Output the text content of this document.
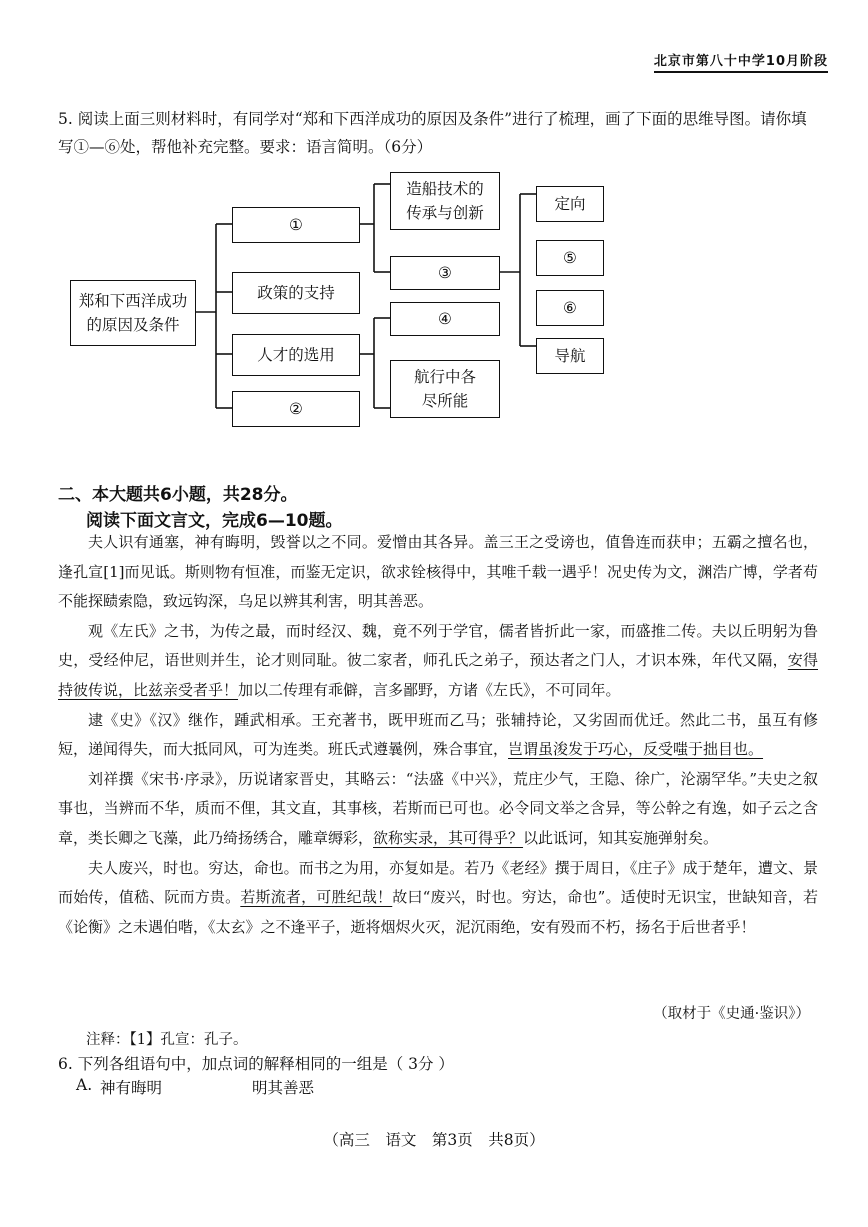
北京市第八十中学10月阶段
5. 阅读上面三则材料时，有同学对“郑和下西洋成功的原因及条件”进行了梳理，画了下面的思维导图。请你填写①—⑥处，帮他补充完整。要求：语言简明。（6分）
郑和下西洋成功的原因及条件
①
政策的支持
人才的选用
②
造船技术的传承与创新
③
④
航行中各尽所能
定向
⑤
⑥
导航
二、本大题共6小题，共28分。
阅读下面文言文，完成6—10题。

夫人识有通塞，神有晦明，毁誉以之不同。爱憎由其各异。盖三王之受谤也，值鲁连而获申；五霸之擅名也，逢孔宣[1]而见诋。斯则物有恒准，而鉴无定识，欲求铨核得中，其唯千载一遇乎！况史传为文，渊浩广博，学者苟不能探赜索隐，致远钩深，乌足以辨其利害，明其善恶。

观《左氏》之书，为传之最，而时经汉、魏，竟不列于学官，儒者皆折此一家，而盛推二传。夫以丘明躬为鲁史，受经仲尼，语世则并生，论才则同耻。彼二家者，师孔氏之弟子，预达者之门人，才识本殊，年代又隔，安得持彼传说，比兹亲受者乎！加以二传理有乖僻，言多鄙野，方诸《左氏》，不可同年。

逮《史》《汉》继作，踵武相承。王充著书，既甲班而乙马；张辅持论，又劣固而优迁。然此二书，虽互有修短，递闻得失，而大抵同风，可为连类。班氏式遵曩例，殊合事宜，岂谓虽浚发于巧心，反受嗤于拙目也。

刘祥撰《宋书·序录》，历说诸家晋史，其略云：“法盛《中兴》，荒庄少气，王隐、徐广，沦溺罕华。”夫史之叙事也，当辨而不华，质而不俚，其文直，其事核，若斯而已可也。必令同文举之含异，等公幹之有逸，如子云之含章，类长卿之飞藻，此乃绮扬绣合，雕章缛彩，欲称实录，其可得乎？以此诋诃，知其妄施弹射矣。

夫人废兴，时也。穷达，命也。而书之为用，亦复如是。若乃《老经》撰于周日，《庄子》成于楚年，遭文、景而始传，值嵇、阮而方贵。若斯流者，可胜纪哉！故曰“废兴，时也。穷达，命也”。适使时无识宝，世缺知音，若《论衡》之未遇伯喈，《太玄》之不逢平子，逝将烟烬火灭，泥沉雨绝，安有殁而不朽，扬名于后世者乎！

（取材于《史通·鉴识》）
注释：【1】孔宣：孔子。
6. 下列各组语句中，加点词的解释相同的一组是（ 3分 ）
A. 神有晦明	明其善恶
（高三　语文　第3页　共8页）
